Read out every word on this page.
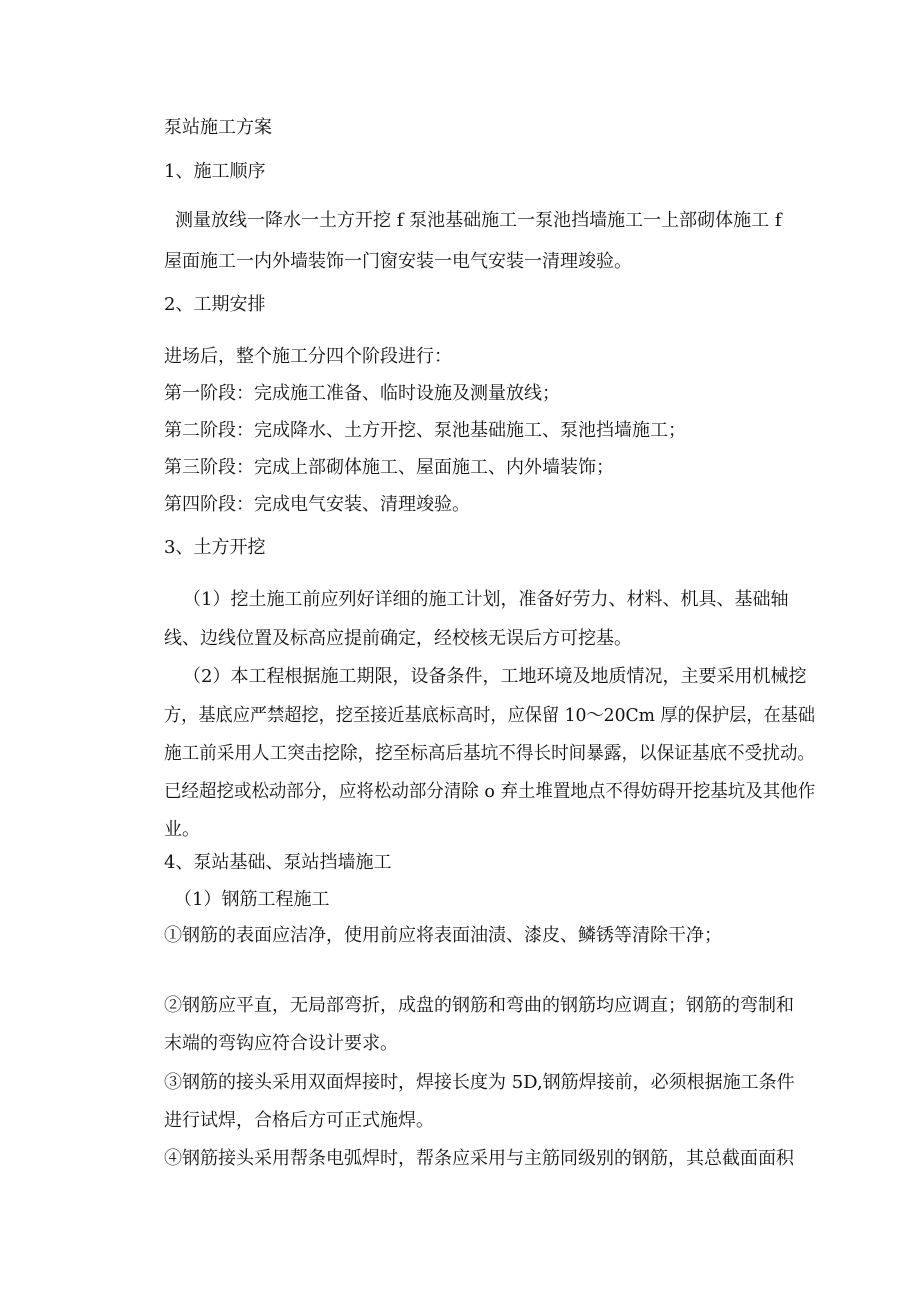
泵站施工方案
1、施工顺序
测量放线一降水一土方开挖 f 泵池基础施工一泵池挡墙施工一上部砌体施工 f
屋面施工一内外墙装饰一门窗安装一电气安装一清理竣验。
2、工期安排
进场后，整个施工分四个阶段进行：
第一阶段：完成施工准备、临时设施及测量放线；
第二阶段：完成降水、土方开挖、泵池基础施工、泵池挡墙施工；
第三阶段：完成上部砌体施工、屋面施工、内外墙装饰；
第四阶段：完成电气安装、清理竣验。
3、土方开挖
（1）挖土施工前应列好详细的施工计划，准备好劳力、材料、机具、基础轴
线、边线位置及标高应提前确定，经校核无误后方可挖基。
（2）本工程根据施工期限，设备条件，工地环境及地质情况，主要采用机械挖
方，基底应严禁超挖，挖至接近基底标高时，应保留 10～20Cm 厚的保护层，在基础
施工前采用人工突击挖除，挖至标高后基坑不得长时间暴露，以保证基底不受扰动。
已经超挖或松动部分，应将松动部分清除 o 弃土堆置地点不得妨碍开挖基坑及其他作
业。
4、泵站基础、泵站挡墙施工
（1）钢筋工程施工
①钢筋的表面应洁净，使用前应将表面油渍、漆皮、鳞锈等清除干净；
②钢筋应平直，无局部弯折，成盘的钢筋和弯曲的钢筋均应调直；钢筋的弯制和
末端的弯钩应符合设计要求。
③钢筋的接头采用双面焊接时，焊接长度为 5D,钢筋焊接前，必须根据施工条件
进行试焊，合格后方可正式施焊。
④钢筋接头采用帮条电弧焊时，帮条应采用与主筋同级别的钢筋，其总截面面积
